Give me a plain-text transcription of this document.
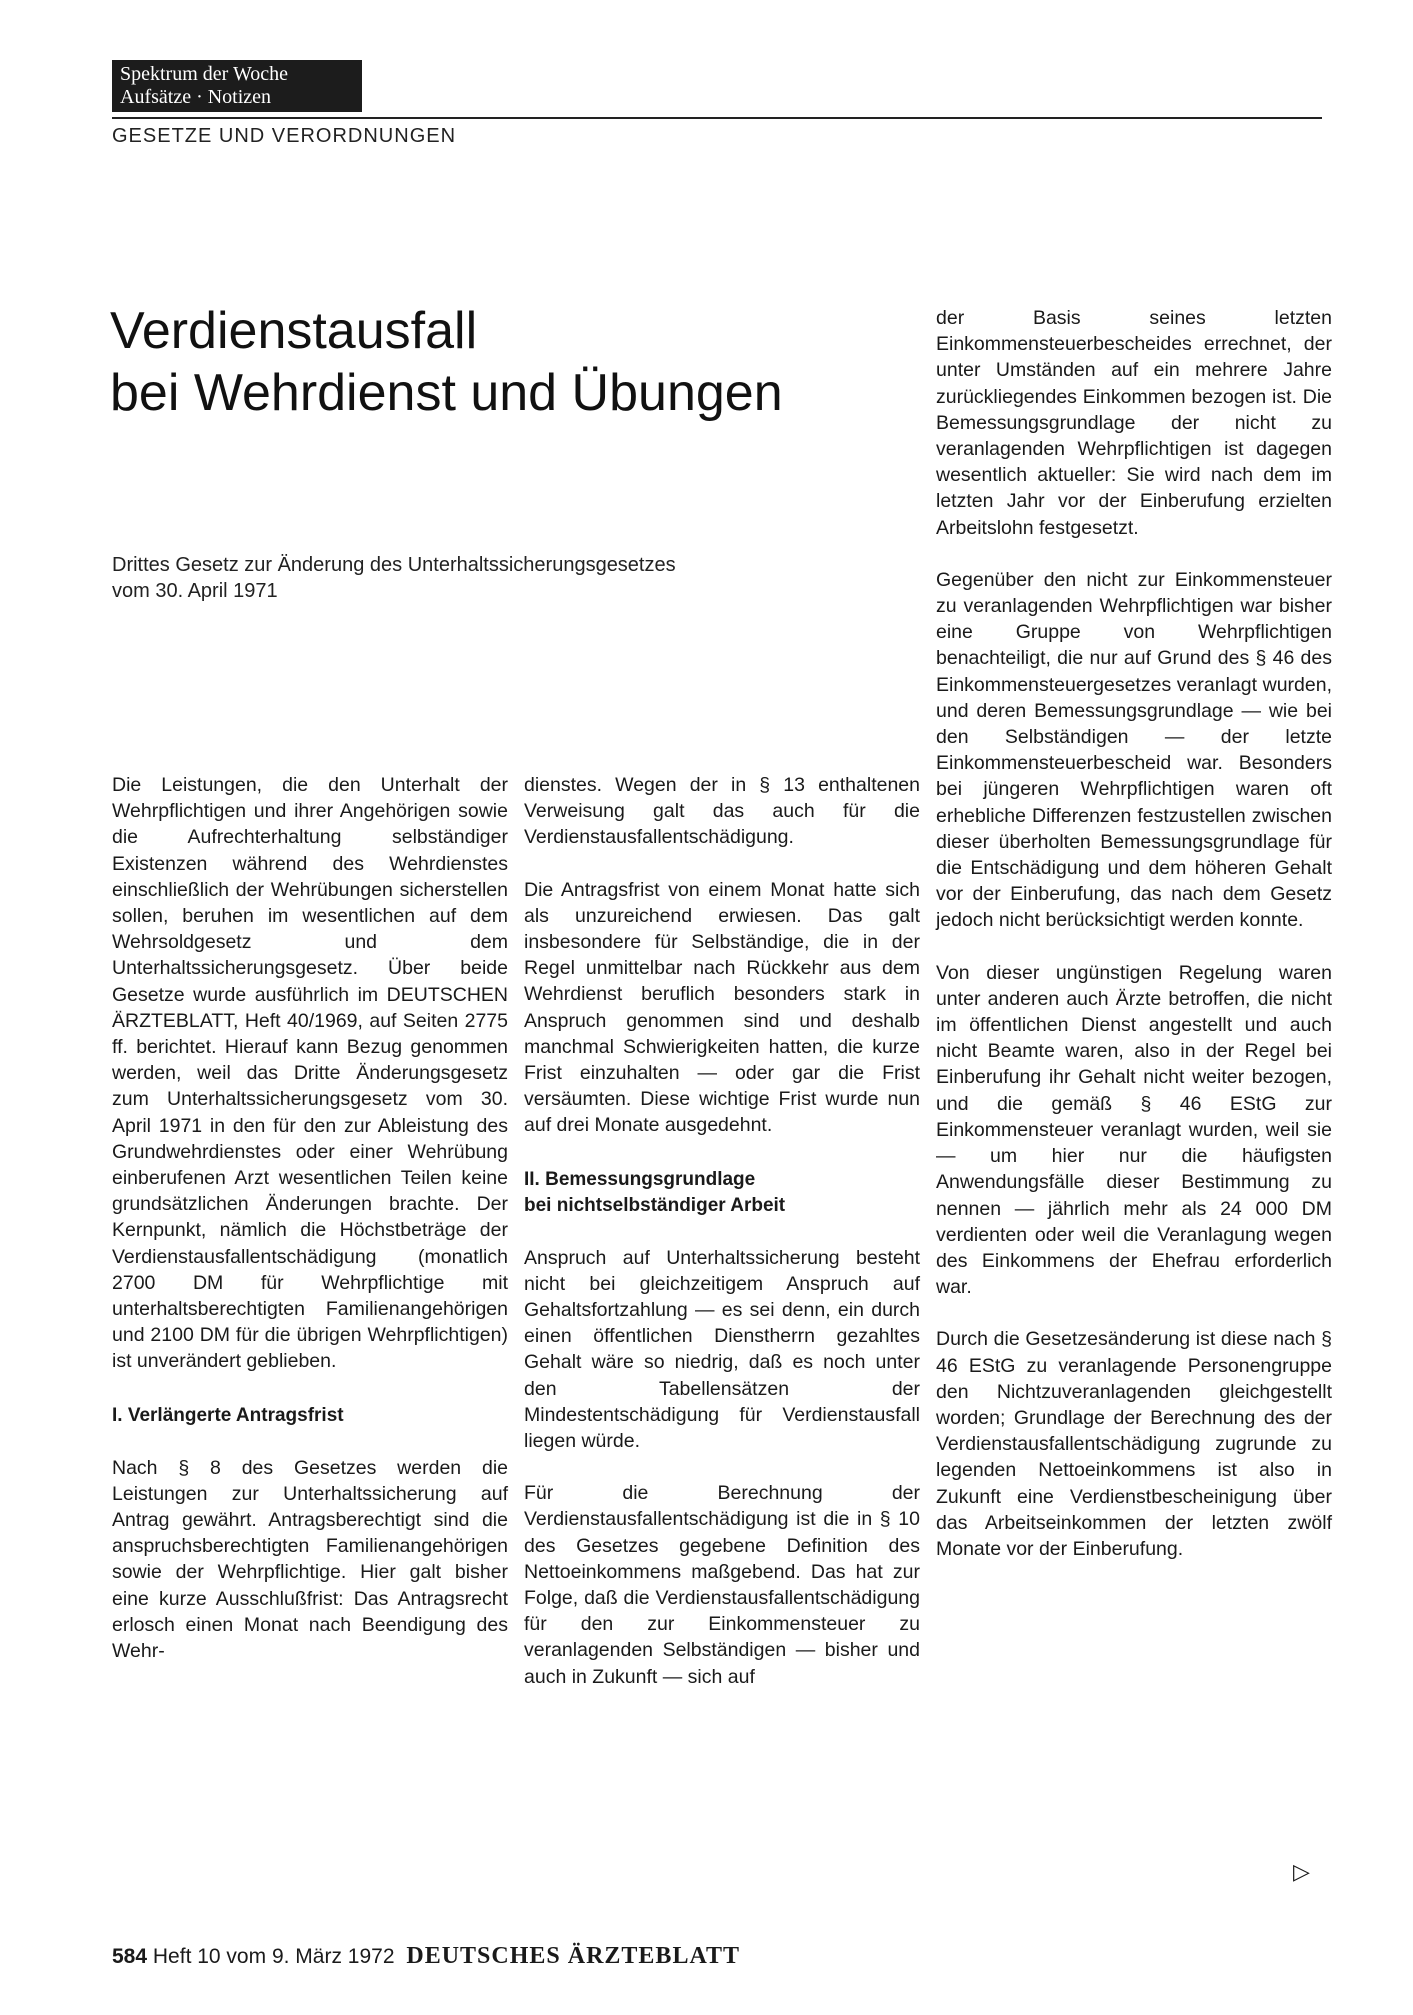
Spektrum der Woche
Aufsätze · Notizen
GESETZE UND VERORDNUNGEN
Verdienstausfall
bei Wehrdienst und Übungen
Drittes Gesetz zur Änderung des Unterhaltssicherungsgesetzes
vom 30. April 1971

Die Leistungen, die den Unterhalt der Wehrpflichtigen und ihrer Angehörigen sowie die Aufrechterhaltung selbständiger Existenzen während des Wehrdienstes einschließlich der Wehrübungen sicherstellen sollen, beruhen im wesentlichen auf dem Wehrsoldgesetz und dem Unterhaltssicherungsgesetz. Über beide Gesetze wurde ausführlich im DEUTSCHEN ÄRZTEBLATT, Heft 40/1969, auf Seiten 2775 ff. berichtet. Hierauf kann Bezug genommen werden, weil das Dritte Änderungsgesetz zum Unterhaltssicherungsgesetz vom 30. April 1971 in den für den zur Ableistung des Grundwehrdienstes oder einer Wehrübung einberufenen Arzt wesentlichen Teilen keine grundsätzlichen Änderungen brachte. Der Kernpunkt, nämlich die Höchstbeträge der Verdienstausfallentschädigung (monatlich 2700 DM für Wehrpflichtige mit unterhaltsberechtigten Familienangehörigen und 2100 DM für die übrigen Wehrpflichtigen) ist unverändert geblieben.

I. Verlängerte Antragsfrist

Nach § 8 des Gesetzes werden die Leistungen zur Unterhaltssicherung auf Antrag gewährt. Antragsberechtigt sind die anspruchsberechtigten Familienangehörigen sowie der Wehrpflichtige. Hier galt bisher eine kurze Ausschlußfrist: Das Antragsrecht erlosch einen Monat nach Beendigung des Wehr-

dienstes. Wegen der in § 13 enthaltenen Verweisung galt das auch für die Verdienstausfallentschädigung.

Die Antragsfrist von einem Monat hatte sich als unzureichend erwiesen. Das galt insbesondere für Selbständige, die in der Regel unmittelbar nach Rückkehr aus dem Wehrdienst beruflich besonders stark in Anspruch genommen sind und deshalb manchmal Schwierigkeiten hatten, die kurze Frist einzuhalten — oder gar die Frist versäumten. Diese wichtige Frist wurde nun auf drei Monate ausgedehnt.

II. Bemessungsgrundlage
bei nichtselbständiger Arbeit

Anspruch auf Unterhaltssicherung besteht nicht bei gleichzeitigem Anspruch auf Gehaltsfortzahlung — es sei denn, ein durch einen öffentlichen Dienstherrn gezahltes Gehalt wäre so niedrig, daß es noch unter den Tabellensätzen der Mindestentschädigung für Verdienstausfall liegen würde.

Für die Berechnung der Verdienstausfallentschädigung ist die in § 10 des Gesetzes gegebene Definition des Nettoeinkommens maßgebend. Das hat zur Folge, daß die Verdienstausfallentschädigung für den zur Einkommensteuer zu veranlagenden Selbständigen — bisher und auch in Zukunft — sich auf

der Basis seines letzten Einkommensteuerbescheides errechnet, der unter Umständen auf ein mehrere Jahre zurückliegendes Einkommen bezogen ist. Die Bemessungsgrundlage der nicht zu veranlagenden Wehrpflichtigen ist dagegen wesentlich aktueller: Sie wird nach dem im letzten Jahr vor der Einberufung erzielten Arbeitslohn festgesetzt.

Gegenüber den nicht zur Einkommensteuer zu veranlagenden Wehrpflichtigen war bisher eine Gruppe von Wehrpflichtigen benachteiligt, die nur auf Grund des § 46 des Einkommensteuergesetzes veranlagt wurden, und deren Bemessungsgrundlage — wie bei den Selbständigen — der letzte Einkommensteuerbescheid war. Besonders bei jüngeren Wehrpflichtigen waren oft erhebliche Differenzen festzustellen zwischen dieser überholten Bemessungsgrundlage für die Entschädigung und dem höheren Gehalt vor der Einberufung, das nach dem Gesetz jedoch nicht berücksichtigt werden konnte.

Von dieser ungünstigen Regelung waren unter anderen auch Ärzte betroffen, die nicht im öffentlichen Dienst angestellt und auch nicht Beamte waren, also in der Regel bei Einberufung ihr Gehalt nicht weiter bezogen, und die gemäß § 46 EStG zur Einkommensteuer veranlagt wurden, weil sie — um hier nur die häufigsten Anwendungsfälle dieser Bestimmung zu nennen — jährlich mehr als 24 000 DM verdienten oder weil die Veranlagung wegen des Einkommens der Ehefrau erforderlich war.

Durch die Gesetzesänderung ist diese nach § 46 EStG zu veranlagende Personengruppe den Nichtzuveranlagenden gleichgestellt worden; Grundlage der Berechnung des der Verdienstausfallentschädigung zugrunde zu legenden Nettoeinkommens ist also in Zukunft eine Verdienstbescheinigung über das Arbeitseinkommen der letzten zwölf Monate vor der Einberufung.

▷
584 Heft 10 vom 9. März 1972 DEUTSCHES ÄRZTEBLATT
